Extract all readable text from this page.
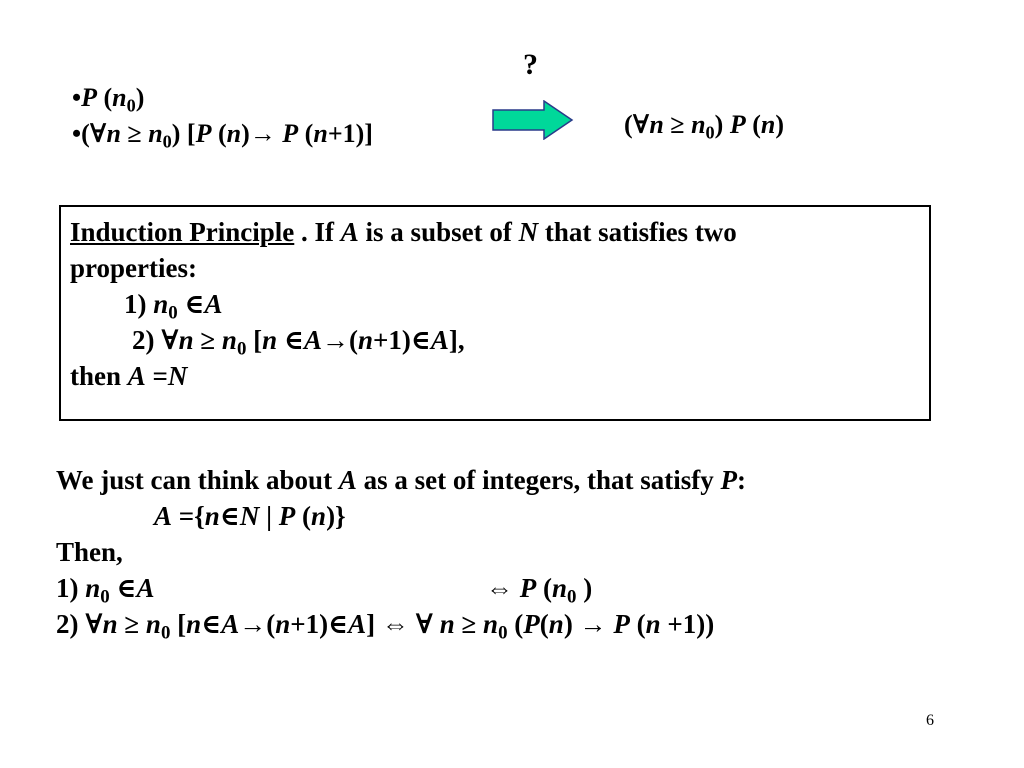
?
•P $(n_0)$
•(∀n ≥ $n_0$) [P (n)→ P (n+1)]	(∀n ≥ $n_0$) P (n)
Induction Principle . If A is a subset of N that satisfies two
properties:
1) $n_0$ ∈A
2) ∀n ≥ $n_0$ [n ∈A→(n+1)∈A],
then A =N
We just can think about A as a set of integers, that satisfy P:
A ={n∈N | P (n)}
Then,
1) $n_0$ ∈A	⇔ P ($n_0$ )
2) ∀n ≥ $n_0$ [n∈A→(n+1)∈A] ⇔ ∀ $n \ge n_0$ (P(n) → P (n +1))
6
